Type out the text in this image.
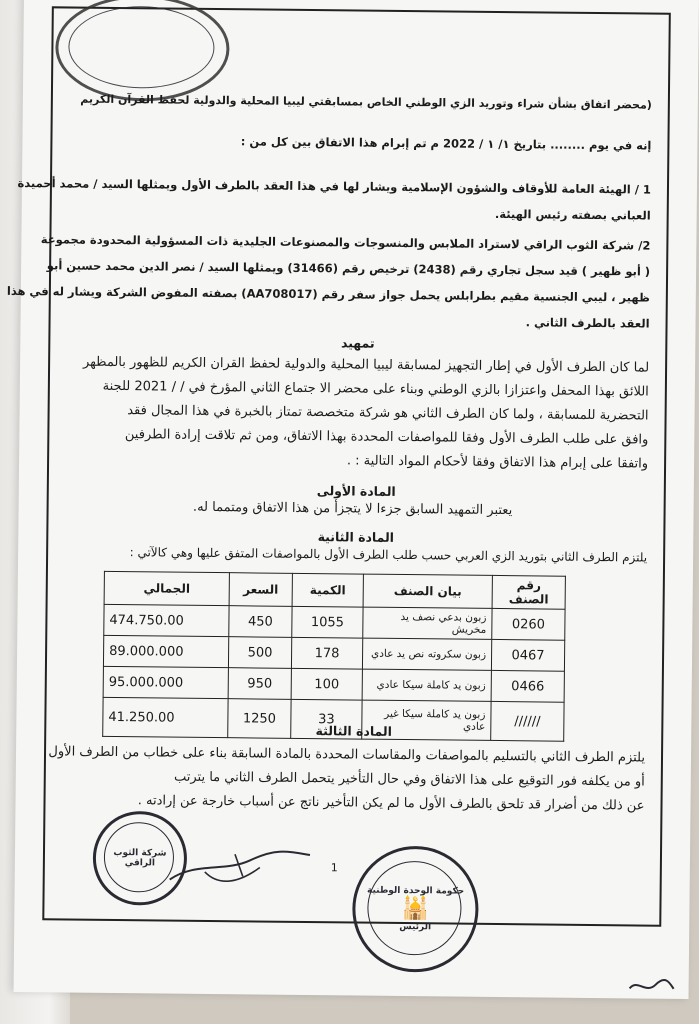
(محضر اتفاق بشأن شراء وتوريد الزي الوطني الخاص بمسابقتي ليبيا المحلية والدولية لحفظ القرآن الكريم
إنه في يوم ........ بتاريخ ١/ ١ / 2022 م تم إبرام هذا الاتفاق بين كل من :
1 / الهيئة العامة للأوقاف والشؤون الإسلامية ويشار لها في هذا العقد بالطرف الأول ويمثلها السيد / محمد أحميدة
العباني بصفته رئيس الهيئة.
2/ شركة الثوب الراقي لاستراد الملابس والمنسوجات والمصنوعات الجليدية ذات المسؤولية المحدودة مجموعة
( أبو ظهير ) قيد سجل تجاري رقم (2438) ترخيص رقم (31466) ويمثلها السيد / نصر الدين محمد حسين أبو
ظهير ، ليبي الجنسية مقيم بطرابلس يحمل جواز سفر رقم (AA708017) بصفته المفوض الشركة ويشار له في هذا
العقد بالطرف الثاني .
تمهيد
لما كان الطرف الأول في إطار التجهيز لمسابقة ليبيا المحلية والدولية لحفظ القران الكريم للظهور بالمظهر
اللائق بهذا المحفل واعتزازا بالزي الوطني وبناء على محضر الا جتماع الثاني المؤرخ في / / 2021 للجنة
التحضرية للمسابقة ، ولما كان الطرف الثاني هو شركة متخصصة تمتاز بالخبرة في هذا المجال فقد
وافق على طلب الطرف الأول وفقا للمواصفات المحددة بهذا الاتفاق، ومن ثم تلاقت إرادة الطرفين
واتفقا على إبرام هذا الاتفاق وفقا لأحكام المواد التالية : .
المادة الأولى
يعتبر التمهيد السابق جزءا لا يتجزأ من هذا الاتفاق ومتمما له.
المادة الثانية
يلتزم الطرف الثاني بتوريد الزي العربي حسب طلب الطرف الأول بالمواصفات المتفق عليها وهي كالآتي :
رقم الصنف	بيان الصنف	الكمية	السعر	الجمالي
0260	زبون بدعي نصف يد مخريش	1055	450	474.750.00
0467	زبون سكروته نص يد عادي	178	500	89.000.000
0466	زبون يد كاملة سيكا عادي	100	950	95.000.000
//////	زبون يد كاملة سيكا غير عادي	33	1250	41.250.00
المادة الثالثة
يلتزم الطرف الثاني بالتسليم بالمواصفات والمقاسات المحددة بالمادة السابقة بناء على خطاب من الطرف الأول
أو من يكلفه فور التوقيع على هذا الاتفاق وفي حال التأخير يتحمل الطرف الثاني ما يترتب
عن ذلك من أضرار قد تلحق بالطرف الأول ما لم يكن التأخير ناتج عن أسباب خارجة عن إرادته .
شركة الثوب الراقي	1
حكومة الوحدة الوطنية
🕌
الرئيس
